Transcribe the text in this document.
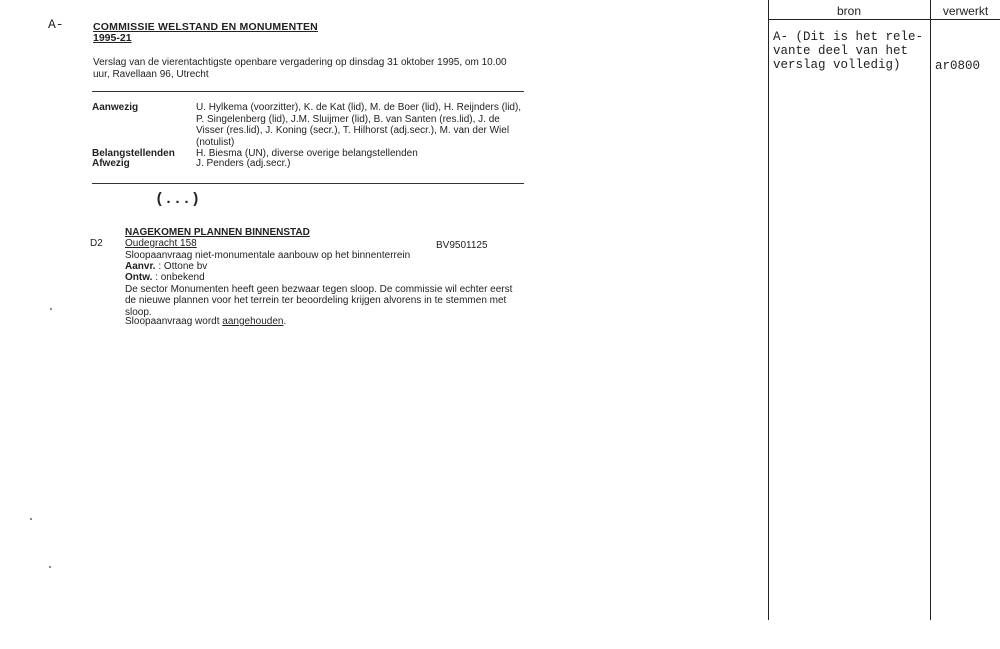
A-	COMMISSIE WELSTAND EN MONUMENTEN
1995-21
Verslag van de vierentachtigste openbare vergadering op dinsdag 31 oktober 1995, om 10.00 uur, Ravellaan 96, Utrecht
Aanwezig	U. Hylkema (voorzitter), K. de Kat (lid), M. de Boer (lid), H. Reijnders (lid), P. Singelenberg (lid), J.M. Sluijmer (lid), B. van Santen (res.lid), J. de Visser (res.lid), J. Koning (secr.), T. Hilhorst (adj.secr.), M. van der Wiel (notulist)
Belangstellenden H. Biesma (UN), diverse overige belangstellenden
Afwezig	J. Penders (adj.secr.)
(...)
NAGEKOMEN PLANNEN BINNENSTAD
D2 Oudegracht 158	BV9501125
Sloopaanvraag niet-monumentale aanbouw op het binnenterrein
Aanvr. : Ottone bv
Ontw. : onbekend
De sector Monumenten heeft geen bezwaar tegen sloop. De commissie wil echter eerst de nieuwe plannen voor het terrein ter beoordeling krijgen alvorens in te stemmen met sloop.
Sloopaanvraag wordt aangehouden.
bron	verwerkt
A- (Dit is het rele-
vante deel van het
verslag volledig)	ar0800
